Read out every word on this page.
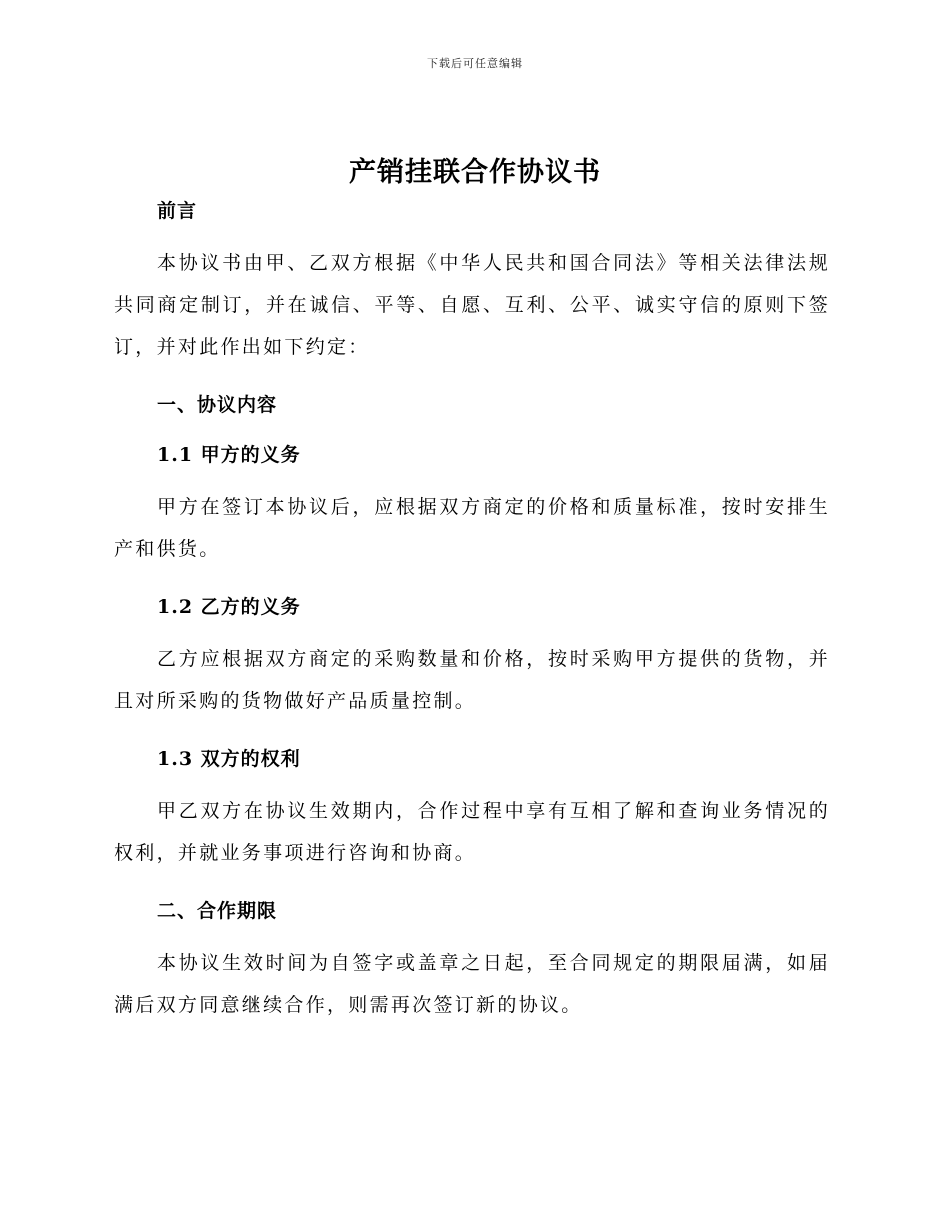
下载后可任意编辑
产销挂联合作协议书

前言

本协议书由甲、乙双方根据《中华人民共和国合同法》等相关法律法规共同商定制订，并在诚信、平等、自愿、互利、公平、诚实守信的原则下签订，并对此作出如下约定：

一、协议内容

1.1 甲方的义务

甲方在签订本协议后，应根据双方商定的价格和质量标准，按时安排生产和供货。

1.2 乙方的义务

乙方应根据双方商定的采购数量和价格，按时采购甲方提供的货物，并且对所采购的货物做好产品质量控制。

1.3 双方的权利

甲乙双方在协议生效期内，合作过程中享有互相了解和查询业务情况的权利，并就业务事项进行咨询和协商。

二、合作期限

本协议生效时间为自签字或盖章之日起，至合同规定的期限届满，如届满后双方同意继续合作，则需再次签订新的协议。
